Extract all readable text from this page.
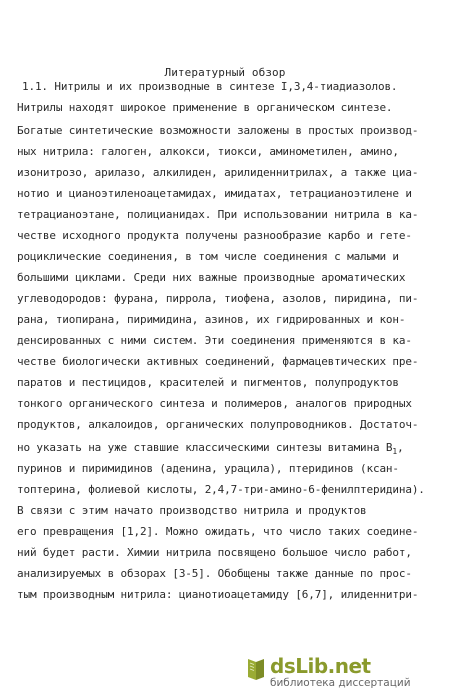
Литературный обзор
1.1. Нитрилы и их производные в синтезе I,3,4-тиадиазолов.
Нитрилы находят широкое применение в органическом синтезе.
Богатые синтетические возможности заложены в простых производ-
ных нитрила: галоген, алкокси, тиокси, аминометилен, амино,
изонитрозо, арилазо, алкилиден, арилиденнитрилах, а также циа-
нотио и цианоэтиленоацетамидах, имидатах, тетрацианоэтилене и
тетрацианоэтане, полицианидах. При использовании нитрила в ка-
честве исходного продукта получены разнообразие карбо и гете-
роциклические соединения, в том числе соединения с малыми и
большими циклами. Среди них важные производные ароматических
углеводородов: фурана, пиррола, тиофена, азолов, пиридина, пи-
рана, тиопирана, пиримидина, азинов, их гидрированных и кон-
денсированных с ними систем. Эти соединения применяются в ка-
честве биологически активных соединений, фармацевтических пре-
паратов и пестицидов, красителей и пигментов, полупродуктов
тонкого органического синтеза и полимеров, аналогов природных
продуктов, алкалоидов, органических полупроводников. Достаточ-
но указать на уже ставшие классическими синтезы витамина $B_1$,
пуринов и пиримидинов (аденина, урацила), птеридинов (ксан-
топтерина, фолиевой кислоты, 2,4,7-три-амино-6-фенилптеридина).
В связи с этим начато производство нитрила и продуктов
его превращения [1,2]. Можно ожидать, что число таких соедине-
ний будет расти. Химии нитрила посвящено большое число работ,
анализируемых в обзорах [3-5]. Обобщены также данные по прос-
тым производным нитрила: цианотиоацетамиду [6,7], илиденнитри-
dsLib.net
библиотека диссертаций
